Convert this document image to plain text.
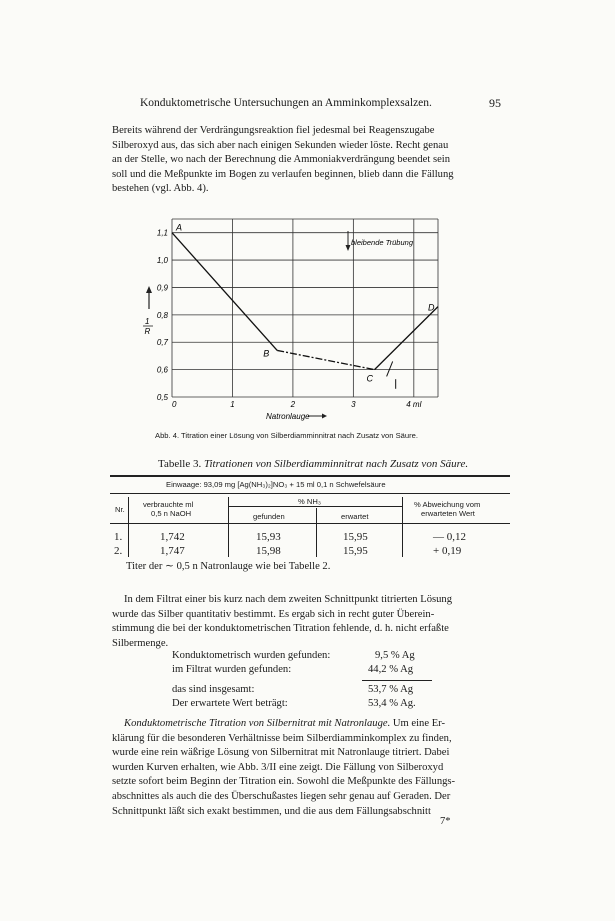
Konduktometrische Untersuchungen an Amminkomplexsalzen.	95
Bereits während der Verdrängungsreaktion fiel jedesmal bei Reagenszugabe
Silberoxyd aus, das sich aber nach einigen Sekunden wieder löste. Recht genau
an der Stelle, wo nach der Berechnung die Ammoniakverdrängung beendet sein
soll und die Meßpunkte im Bogen zu verlaufen beginnen, blieb dann die Fällung
bestehen (vgl. Abb. 4).
0,5
0,6
0,7
0,8
0,9
1,0
1,1
0	1	2	3	4 ml
A
B
C
D
Natronlauge
1
R
bleibende Trübung
Abb. 4. Titration einer Lösung von Silberdiamminnitrat nach Zusatz von Säure.
Tabelle 3. Titrationen von Silberdiamminnitrat nach Zusatz von Säure.
Einwaage: 93,09 mg [Ag(NH₃)₂]NO₃ + 15 ml 0,1 n Schwefelsäure
Nr.
verbrauchte ml
0,5 n NaOH
% NH₃
gefunden	erwartet
% Abweichung vom
erwarteten Wert
1.	1,742	15,93	15,95	— 0,12
2.	1,747	15,98	15,95	+ 0,19
Titer der ∼ 0,5 n Natronlauge wie bei Tabelle 2.
In dem Filtrat einer bis kurz nach dem zweiten Schnittpunkt titrierten Lösung
wurde das Silber quantitativ bestimmt. Es ergab sich in recht guter Überein-
stimmung die bei der konduktometrischen Titration fehlende, d. h. nicht erfaßte
Silbermenge.
Konduktometrisch wurden gefunden:	9,5 % Ag
im Filtrat wurden gefunden:	44,2 % Ag
das sind insgesamt:	53,7 % Ag
Der erwartete Wert beträgt:	53,4 % Ag.
Konduktometrische Titration von Silbernitrat mit Natronlauge. Um eine Er-
klärung für die besonderen Verhältnisse beim Silberdiamminkomplex zu finden,
wurde eine rein wäßrige Lösung von Silbernitrat mit Natronlauge titriert. Dabei
wurden Kurven erhalten, wie Abb. 3/II eine zeigt. Die Fällung von Silberoxyd
setzte sofort beim Beginn der Titration ein. Sowohl die Meßpunkte des Fällungs-
abschnittes als auch die des Überschußastes liegen sehr genau auf Geraden. Der
Schnittpunkt läßt sich exakt bestimmen, und die aus dem Fällungsabschnitt
7*
